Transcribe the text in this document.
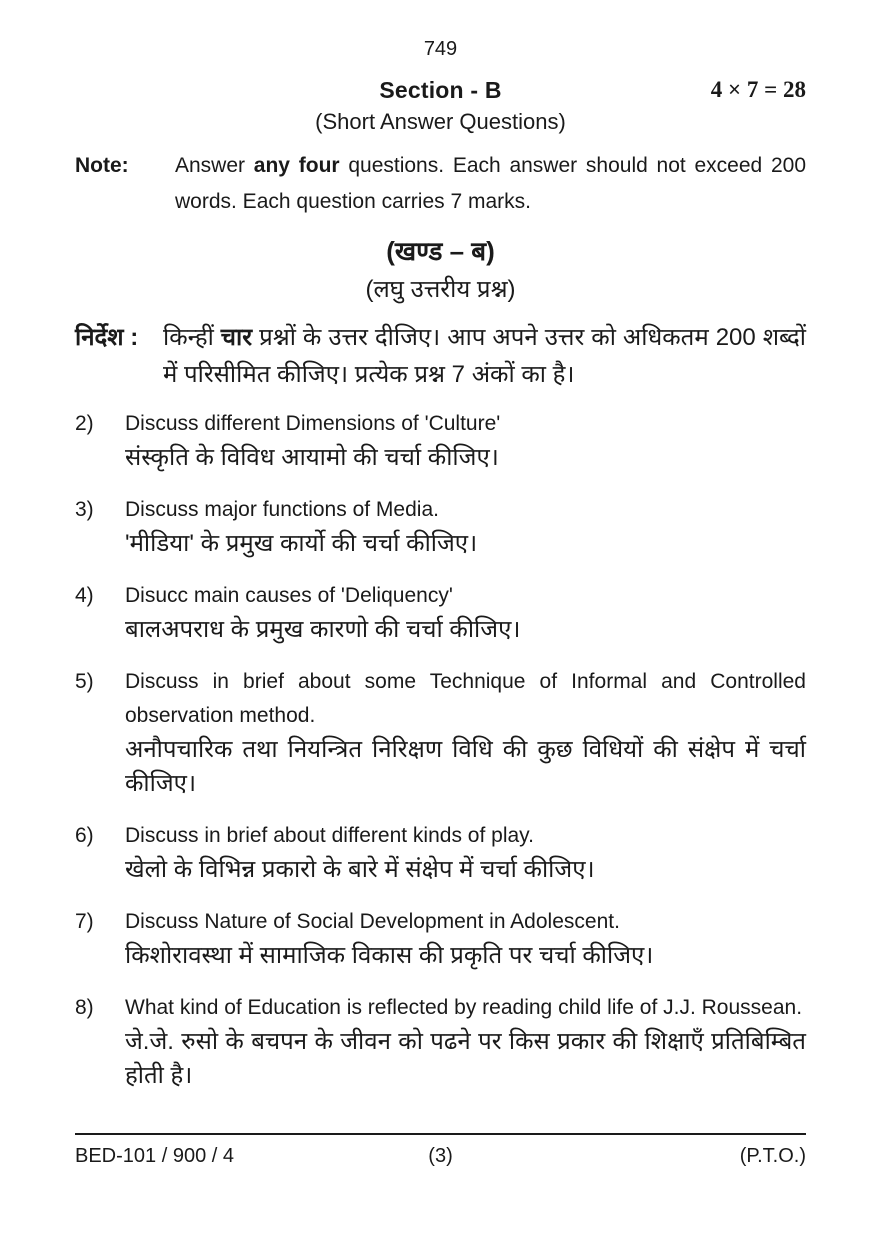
749
Section - B	4 × 7 = 28
(Short Answer Questions)
Note:	Answer any four questions. Each answer should not exceed 200 words. Each question carries 7 marks.

(खण्ड – ब)
(लघु उत्तरीय प्रश्न)
निर्देश :	किन्हीं चार प्रश्नों के उत्तर दीजिए। आप अपने उत्तर को अधिकतम 200 शब्दों में परिसीमित कीजिए। प्रत्येक प्रश्न 7 अंकों का है।

2)	Discuss different Dimensions of 'Culture'

संस्कृति के विविध आयामो की चर्चा कीजिए।

3)	Discuss major functions of Media.

'मीडिया' के प्रमुख कार्यो की चर्चा कीजिए।

4)	Disucc main causes of 'Deliquency'

बालअपराध के प्रमुख कारणो की चर्चा कीजिए।

5)	Discuss in brief about some Technique of Informal and Controlled observation method.

अनौपचारिक तथा नियन्त्रित निरिक्षण विधि की कुछ विधियों की संक्षेप में चर्चा कीजिए।

6)	Discuss in brief about different kinds of play.

खेलो के विभिन्न प्रकारो के बारे में संक्षेप में चर्चा कीजिए।

7)	Discuss Nature of Social Development in Adolescent.

किशोरावस्था में सामाजिक विकास की प्रकृति पर चर्चा कीजिए।

8)	What kind of Education is reflected by reading child life of J.J. Roussean.

जे.जे. रुसो के बचपन के जीवन को पढने पर किस प्रकार की शिक्षाएँ प्रतिबिम्बित होती है।

BED-101 / 900 / 4	(3)	(P.T.O.)
